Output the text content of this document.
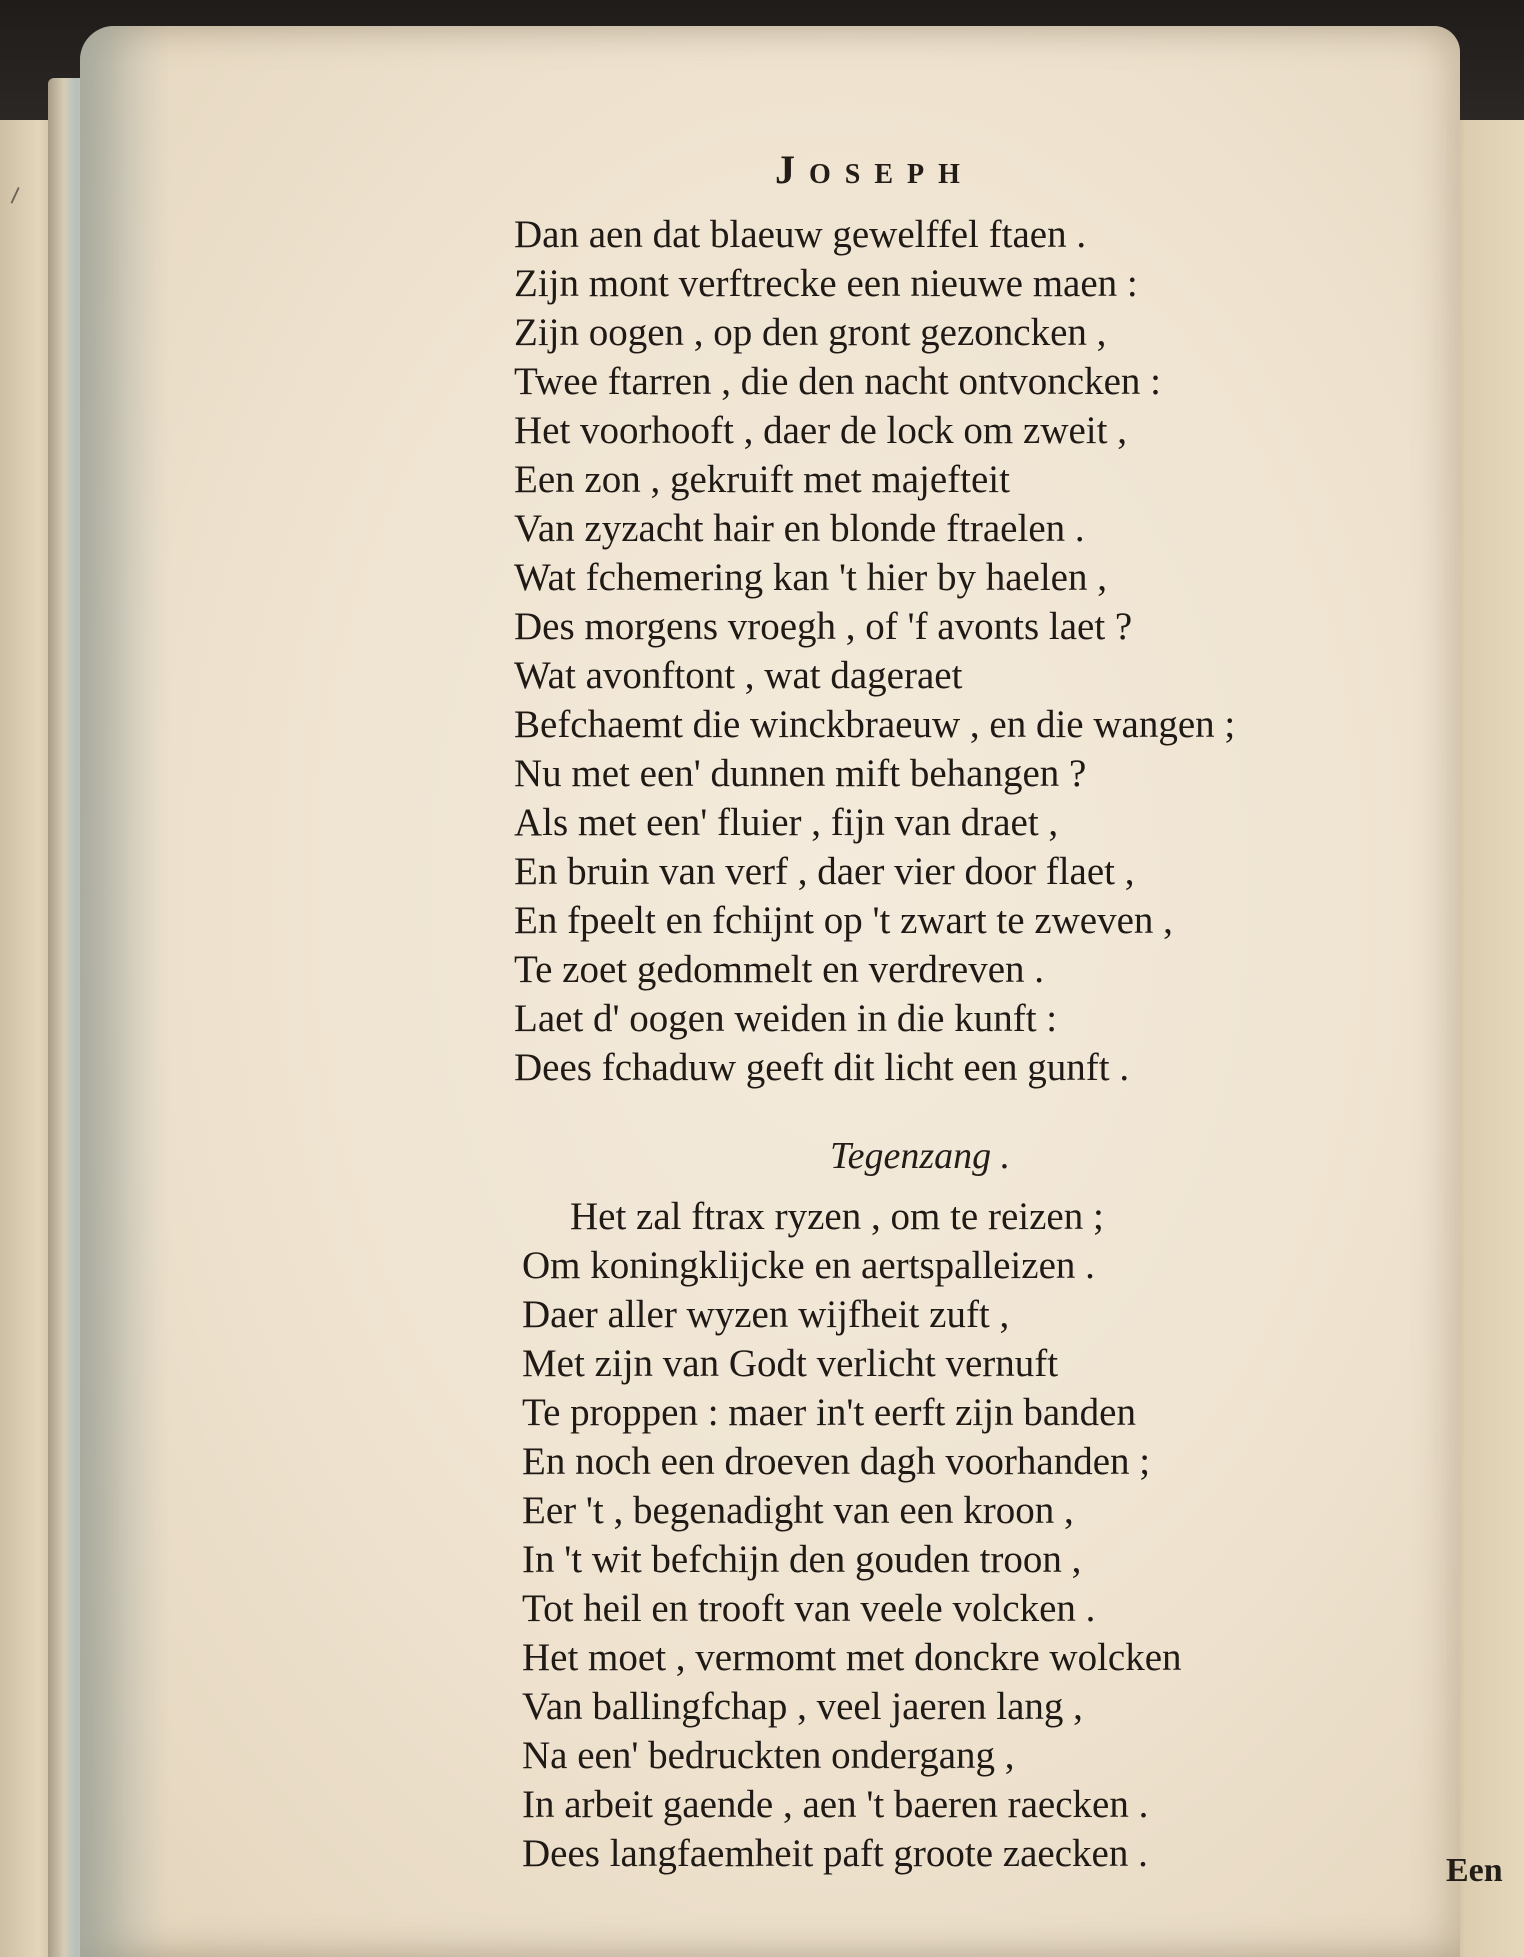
⸍
Joseph
Dan aen dat blaeuw gewelffel ftaen .
Zijn mont verftrecke een nieuwe maen :
Zijn oogen , op den gront gezoncken ,
Twee ftarren , die den nacht ontvoncken :
Het voorhooft , daer de lock om zweit ,
Een zon , gekruift met majefteit
Van zyzacht hair en blonde ftraelen .
Wat fchemering kan 't hier by haelen ,
Des morgens vroegh , of 'f avonts laet ?
Wat avonftont , wat dageraet
Befchaemt die winckbraeuw , en die wangen ;
Nu met een' dunnen mift behangen ?
Als met een' fluier , fijn van draet ,
En bruin van verf , daer vier door flaet ,
En fpeelt en fchijnt op 't zwart te zweven ,
Te zoet gedommelt en verdreven .
Laet d' oogen weiden in die kunft :
Dees fchaduw geeft dit licht een gunft .
Tegenzang .
Het zal ftrax ryzen , om te reizen ;
Om koningklijcke en aertspalleizen .
Daer aller wyzen wijfheit zuft ,
Met zijn van Godt verlicht vernuft
Te proppen : maer in't eerft zijn banden
En noch een droeven dagh voorhanden ;
Eer 't , begenadight van een kroon ,
In 't wit befchijn den gouden troon ,
Tot heil en trooft van veele volcken .
Het moet , vermomt met donckre wolcken
Van ballingfchap , veel jaeren lang ,
Na een' bedruckten ondergang ,
In arbeit gaende , aen 't baeren raecken .
Dees langfaemheit paft groote zaecken .	Een
